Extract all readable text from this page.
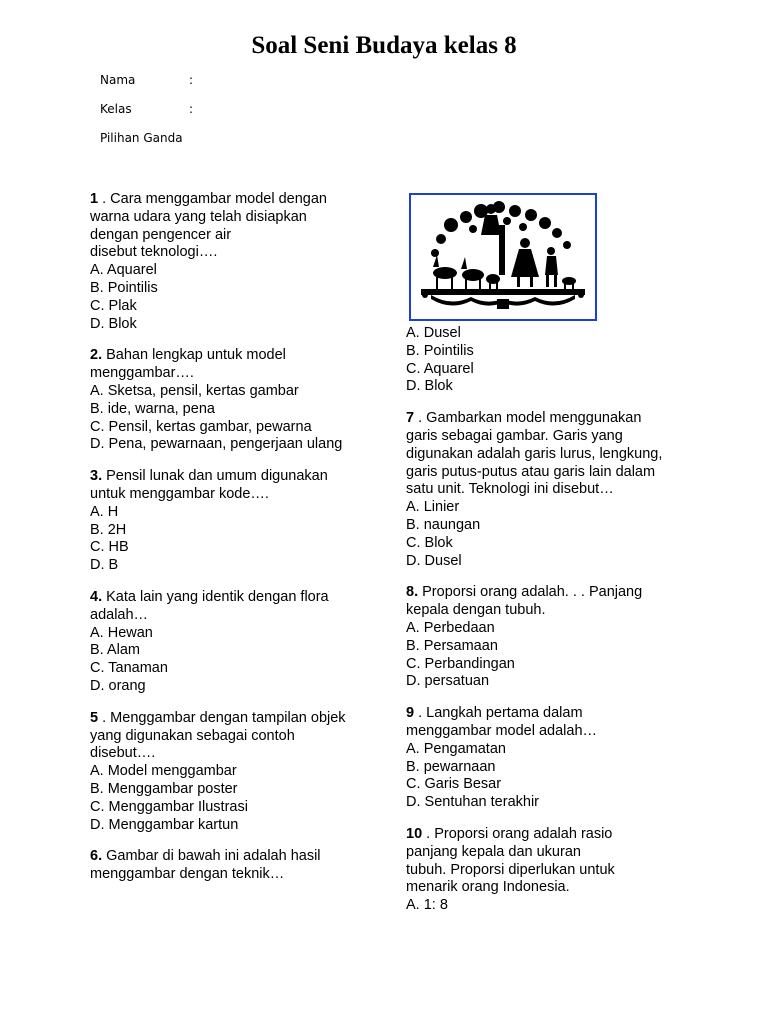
Soal Seni Budaya kelas 8
Nama	:
Kelas	:
Pilihan Ganda
1 . Cara menggambar model dengan
warna udara yang telah disiapkan
dengan pengencer air
disebut teknologi….
A. Aquarel
B. Pointilis
C. Plak
D. Blok
2. Bahan lengkap untuk model
menggambar….
A. Sketsa, pensil, kertas gambar
B. ide, warna, pena
C. Pensil, kertas gambar, pewarna
D. Pena, pewarnaan, pengerjaan ulang
3. Pensil lunak dan umum digunakan
untuk menggambar kode….
A. H
B. 2H
C. HB
D. B
4. Kata lain yang identik dengan flora
adalah…
A. Hewan
B. Alam
C. Tanaman
D. orang
5 . Menggambar dengan tampilan objek
yang digunakan sebagai contoh
disebut….
A. Model menggambar
B. Menggambar poster
C. Menggambar Ilustrasi
D. Menggambar kartun
6. Gambar di bawah ini adalah hasil
menggambar dengan teknik…
A. Dusel
B. Pointilis
C. Aquarel
D. Blok
7 . Gambarkan model menggunakan
garis sebagai gambar. Garis yang
digunakan adalah garis lurus, lengkung,
garis putus-putus atau garis lain dalam
satu unit. Teknologi ini disebut…
A. Linier
B. naungan
C. Blok
D. Dusel
8. Proporsi orang adalah. . . Panjang
kepala dengan tubuh.
A. Perbedaan
B. Persamaan
C. Perbandingan
D. persatuan
9 . Langkah pertama dalam
menggambar model adalah…
A. Pengamatan
B. pewarnaan
C. Garis Besar
D. Sentuhan terakhir
10 . Proporsi orang adalah rasio
panjang kepala dan ukuran
tubuh. Proporsi diperlukan untuk
menarik orang Indonesia.
A. 1: 8
